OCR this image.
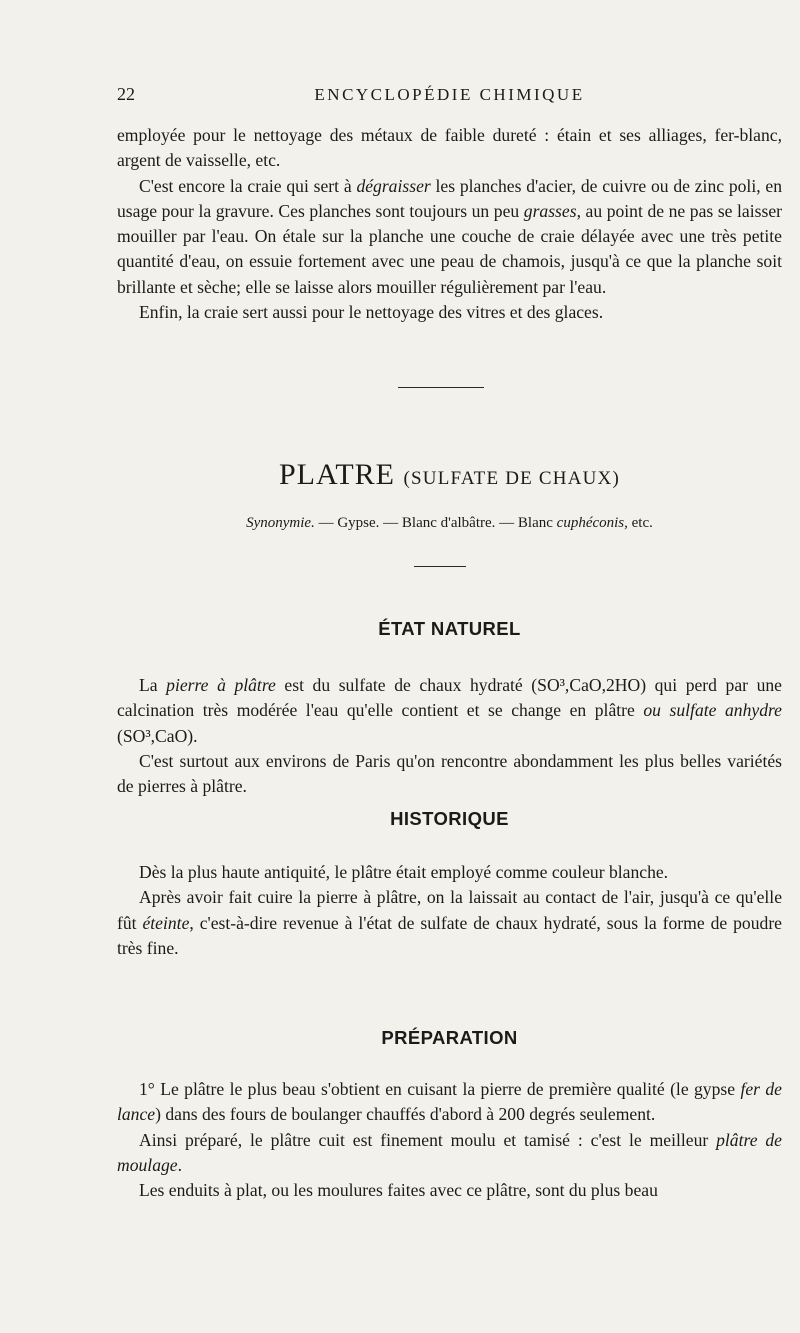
22	ENCYCLOPÉDIE CHIMIQUE

employée pour le nettoyage des métaux de faible dureté : étain et ses alliages, fer-blanc, argent de vaisselle, etc.

C'est encore la craie qui sert à dégraisser les planches d'acier, de cuivre ou de zinc poli, en usage pour la gravure. Ces planches sont toujours un peu grasses, au point de ne pas se laisser mouiller par l'eau. On étale sur la planche une couche de craie délayée avec une très petite quantité d'eau, on essuie fortement avec une peau de chamois, jusqu'à ce que la planche soit brillante et sèche; elle se laisse alors mouiller régulièrement par l'eau.

Enfin, la craie sert aussi pour le nettoyage des vitres et des glaces.

PLATRE (SULFATE DE CHAUX)
Synonymie. — Gypse. — Blanc d'albâtre. — Blanc cuphéconis, etc.
ÉTAT NATUREL

La pierre à plâtre est du sulfate de chaux hydraté (SO³,CaO,2HO) qui perd par une calcination très modérée l'eau qu'elle contient et se change en plâtre ou sulfate anhydre (SO³,CaO).

C'est surtout aux environs de Paris qu'on rencontre abondamment les plus belles variétés de pierres à plâtre.

HISTORIQUE

Dès la plus haute antiquité, le plâtre était employé comme couleur blanche.

Après avoir fait cuire la pierre à plâtre, on la laissait au contact de l'air, jusqu'à ce qu'elle fût éteinte, c'est-à-dire revenue à l'état de sulfate de chaux hydraté, sous la forme de poudre très fine.

PRÉPARATION

1° Le plâtre le plus beau s'obtient en cuisant la pierre de première qualité (le gypse fer de lance) dans des fours de boulanger chauffés d'abord à 200 degrés seulement.

Ainsi préparé, le plâtre cuit est finement moulu et tamisé : c'est le meilleur plâtre de moulage.

Les enduits à plat, ou les moulures faites avec ce plâtre, sont du plus beau
